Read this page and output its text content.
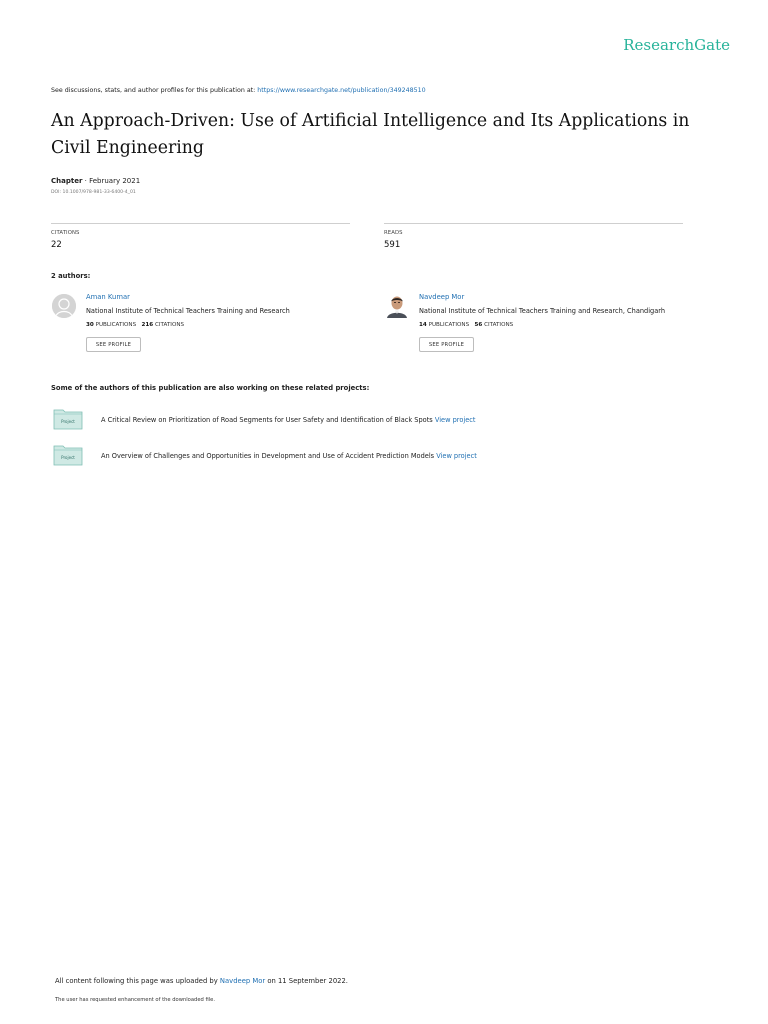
ResearchGate
See discussions, stats, and author profiles for this publication at: https://www.researchgate.net/publication/349248510
An Approach-Driven: Use of Artificial Intelligence and Its Applications in Civil Engineering
Chapter · February 2021
DOI: 10.1007/978-981-33-6400-4_01
CITATIONS
22
READS
591
2 authors:
Aman Kumar
National Institute of Technical Teachers Training and Research
30 PUBLICATIONS 216 CITATIONS
SEE PROFILE
Navdeep Mor
National Institute of Technical Teachers Training and Research, Chandigarh
14 PUBLICATIONS 56 CITATIONS
SEE PROFILE
Some of the authors of this publication are also working on these related projects:
Project	A Critical Review on Prioritization of Road Segments for User Safety and Identification of Black Spots View project
Project	An Overview of Challenges and Opportunities in Development and Use of Accident Prediction Models View project
All content following this page was uploaded by Navdeep Mor on 11 September 2022.
The user has requested enhancement of the downloaded file.
